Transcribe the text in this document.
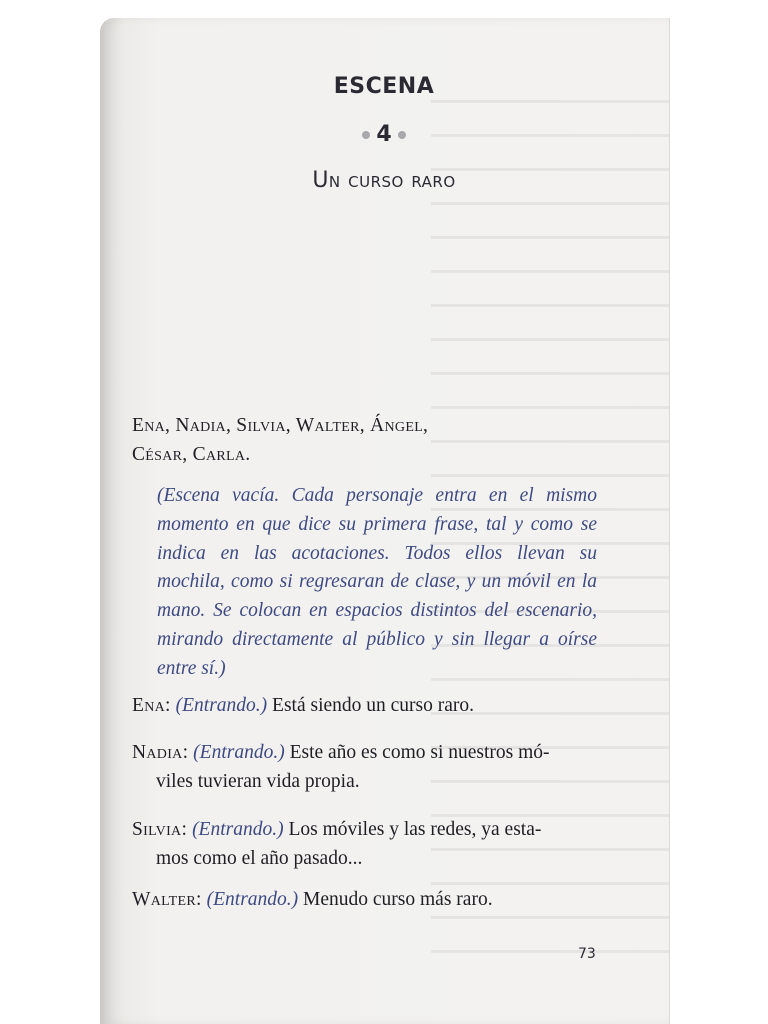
ESCENA
4
Un curso raro
Ena, Nadia, Silvia, Walter, Ángel,
César, Carla.
(Escena vacía. Cada personaje entra en el mismo momento en que dice su primera frase, tal y como se indica en las acotaciones. Todos ellos llevan su mochila, como si regresaran de clase, y un móvil en la mano. Se colocan en espacios distintos del escenario, mirando directamente al público y sin llegar a oírse entre sí.)
Ena: (Entrando.) Está siendo un curso raro.
Nadia: (Entrando.) Este año es como si nuestros mó-
viles tuvieran vida propia.
Silvia: (Entrando.) Los móviles y las redes, ya esta-
mos como el año pasado...
Walter: (Entrando.) Menudo curso más raro.
73
